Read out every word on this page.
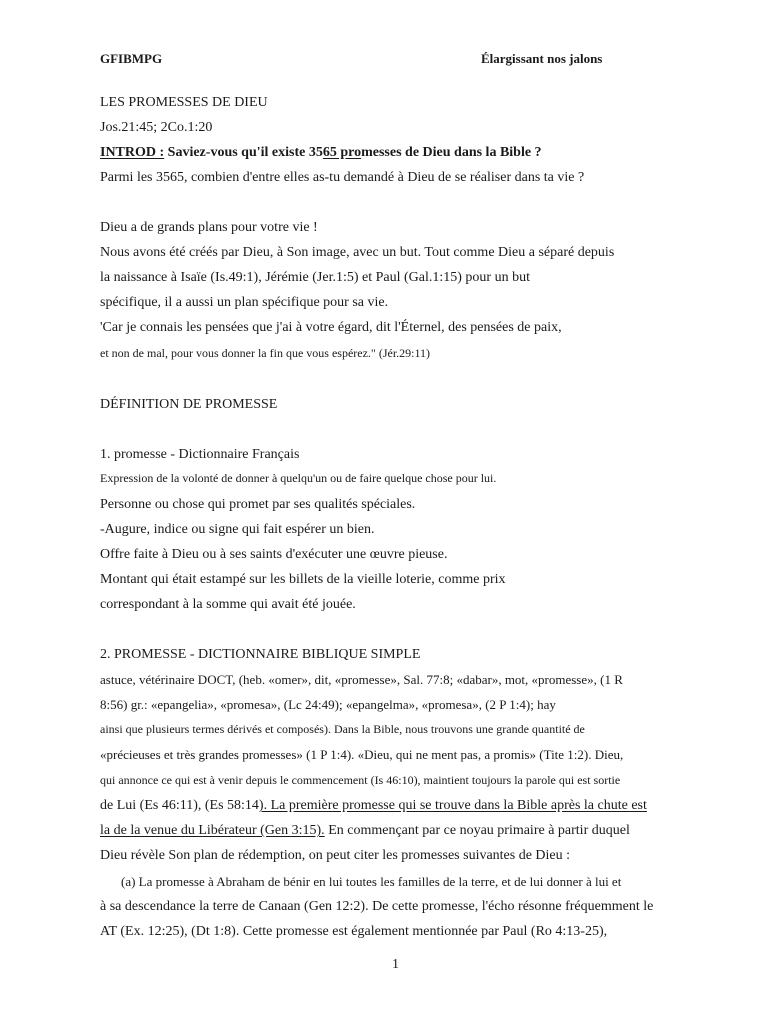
GFIBMPG	Élargissant nos jalons
LES PROMESSES DE DIEU
Jos.21:45; 2Co.1:20
INTROD : Saviez-vous qu'il existe 3565 promesses de Dieu dans la Bible ?
Parmi les 3565, combien d'entre elles as-tu demandé à Dieu de se réaliser dans ta vie ?
Dieu a de grands plans pour votre vie !
Nous avons été créés par Dieu, à Son image, avec un but. Tout comme Dieu a séparé depuis
la naissance à Isaïe (Is.49:1), Jérémie (Jer.1:5) et Paul (Gal.1:15) pour un but
spécifique, il a aussi un plan spécifique pour sa vie.
'Car je connais les pensées que j'ai à votre égard, dit l'Éternel, des pensées de paix,
et non de mal, pour vous donner la fin que vous espérez." (Jér.29:11)
DÉFINITION DE PROMESSE
1. promesse - Dictionnaire Français
Expression de la volonté de donner à quelqu'un ou de faire quelque chose pour lui.
Personne ou chose qui promet par ses qualités spéciales.
-Augure, indice ou signe qui fait espérer un bien.
Offre faite à Dieu ou à ses saints d'exécuter une œuvre pieuse.
Montant qui était estampé sur les billets de la vieille loterie, comme prix
correspondant à la somme qui avait été jouée.
2. PROMESSE - DICTIONNAIRE BIBLIQUE SIMPLE
astuce, vétérinaire DOCT, (heb. «omer», dit, «promesse», Sal. 77:8; «dabar», mot, «promesse», (1 R
8:56) gr.: «epangelia», «promesa», (Lc 24:49); «epangelma», «promesa», (2 P 1:4); hay
ainsi que plusieurs termes dérivés et composés). Dans la Bible, nous trouvons une grande quantité de
«précieuses et très grandes promesses» (1 P 1:4). «Dieu, qui ne ment pas, a promis» (Tite 1:2). Dieu,
qui annonce ce qui est à venir depuis le commencement (Is 46:10), maintient toujours la parole qui est sortie
de Lui (Es 46:11), (Es 58:14). La première promesse qui se trouve dans la Bible après la chute est
la de la venue du Libérateur (Gen 3:15). En commençant par ce noyau primaire à partir duquel
Dieu révèle Son plan de rédemption, on peut citer les promesses suivantes de Dieu :
(a) La promesse à Abraham de bénir en lui toutes les familles de la terre, et de lui donner à lui et
à sa descendance la terre de Canaan (Gen 12:2). De cette promesse, l'écho résonne fréquemment le
AT (Ex. 12:25), (Dt 1:8). Cette promesse est également mentionnée par Paul (Ro 4:13-25),
1
